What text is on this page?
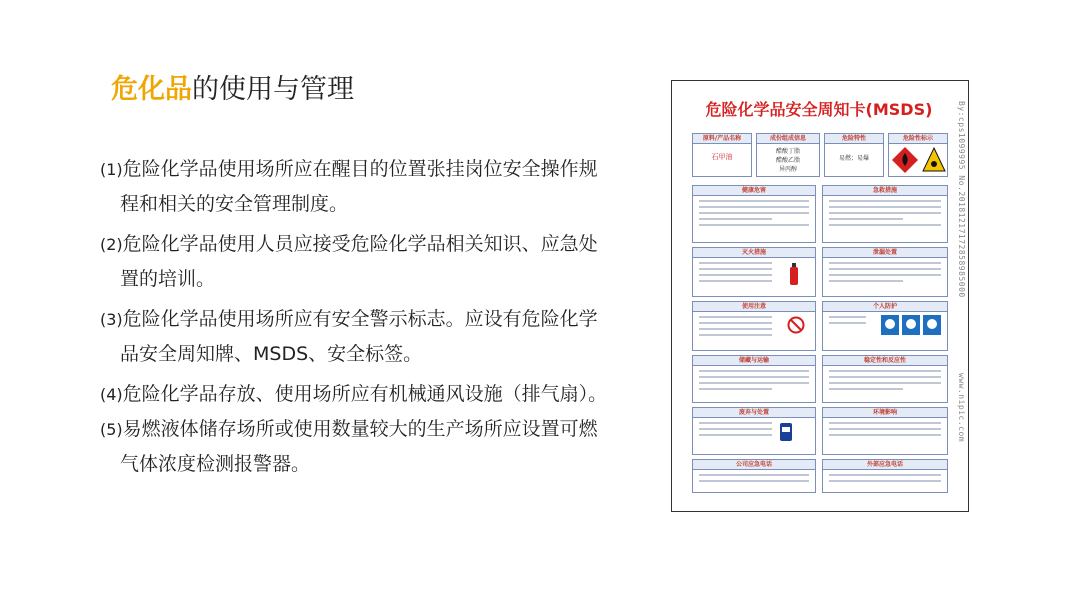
危化品的使用与管理
(1)危险化学品使用场所应在醒目的位置张挂岗位安全操作规
程和相关的安全管理制度。
(2)危险化学品使用人员应接受危险化学品相关知识、应急处
置的培训。
(3)危险化学品使用场所应有安全警示标志。应设有危险化学
品安全周知牌、MSDS、安全标签。
(4)危险化学品存放、使用场所应有机械通风设施（排气扇）。
(5)易燃液体储存场所或使用数量较大的生产场所应设置可燃
气体浓度检测报警器。
危险化学品安全周知卡(MSDS)
原料/产品名称
石甲油
成份组成信息
醋酸丁脂
醋酸乙脂
异丙醇
危险特性
易燃；易爆
危险性标示
健康危害	急救措施
灭火措施	泄漏处置
使用注意	个人防护
储藏与运输	稳定性和反应性
废弃与处置	环境影响
公司应急电话	外部应急电话
By:cps1099995 No.20181217172858985000
www.nipic.com
